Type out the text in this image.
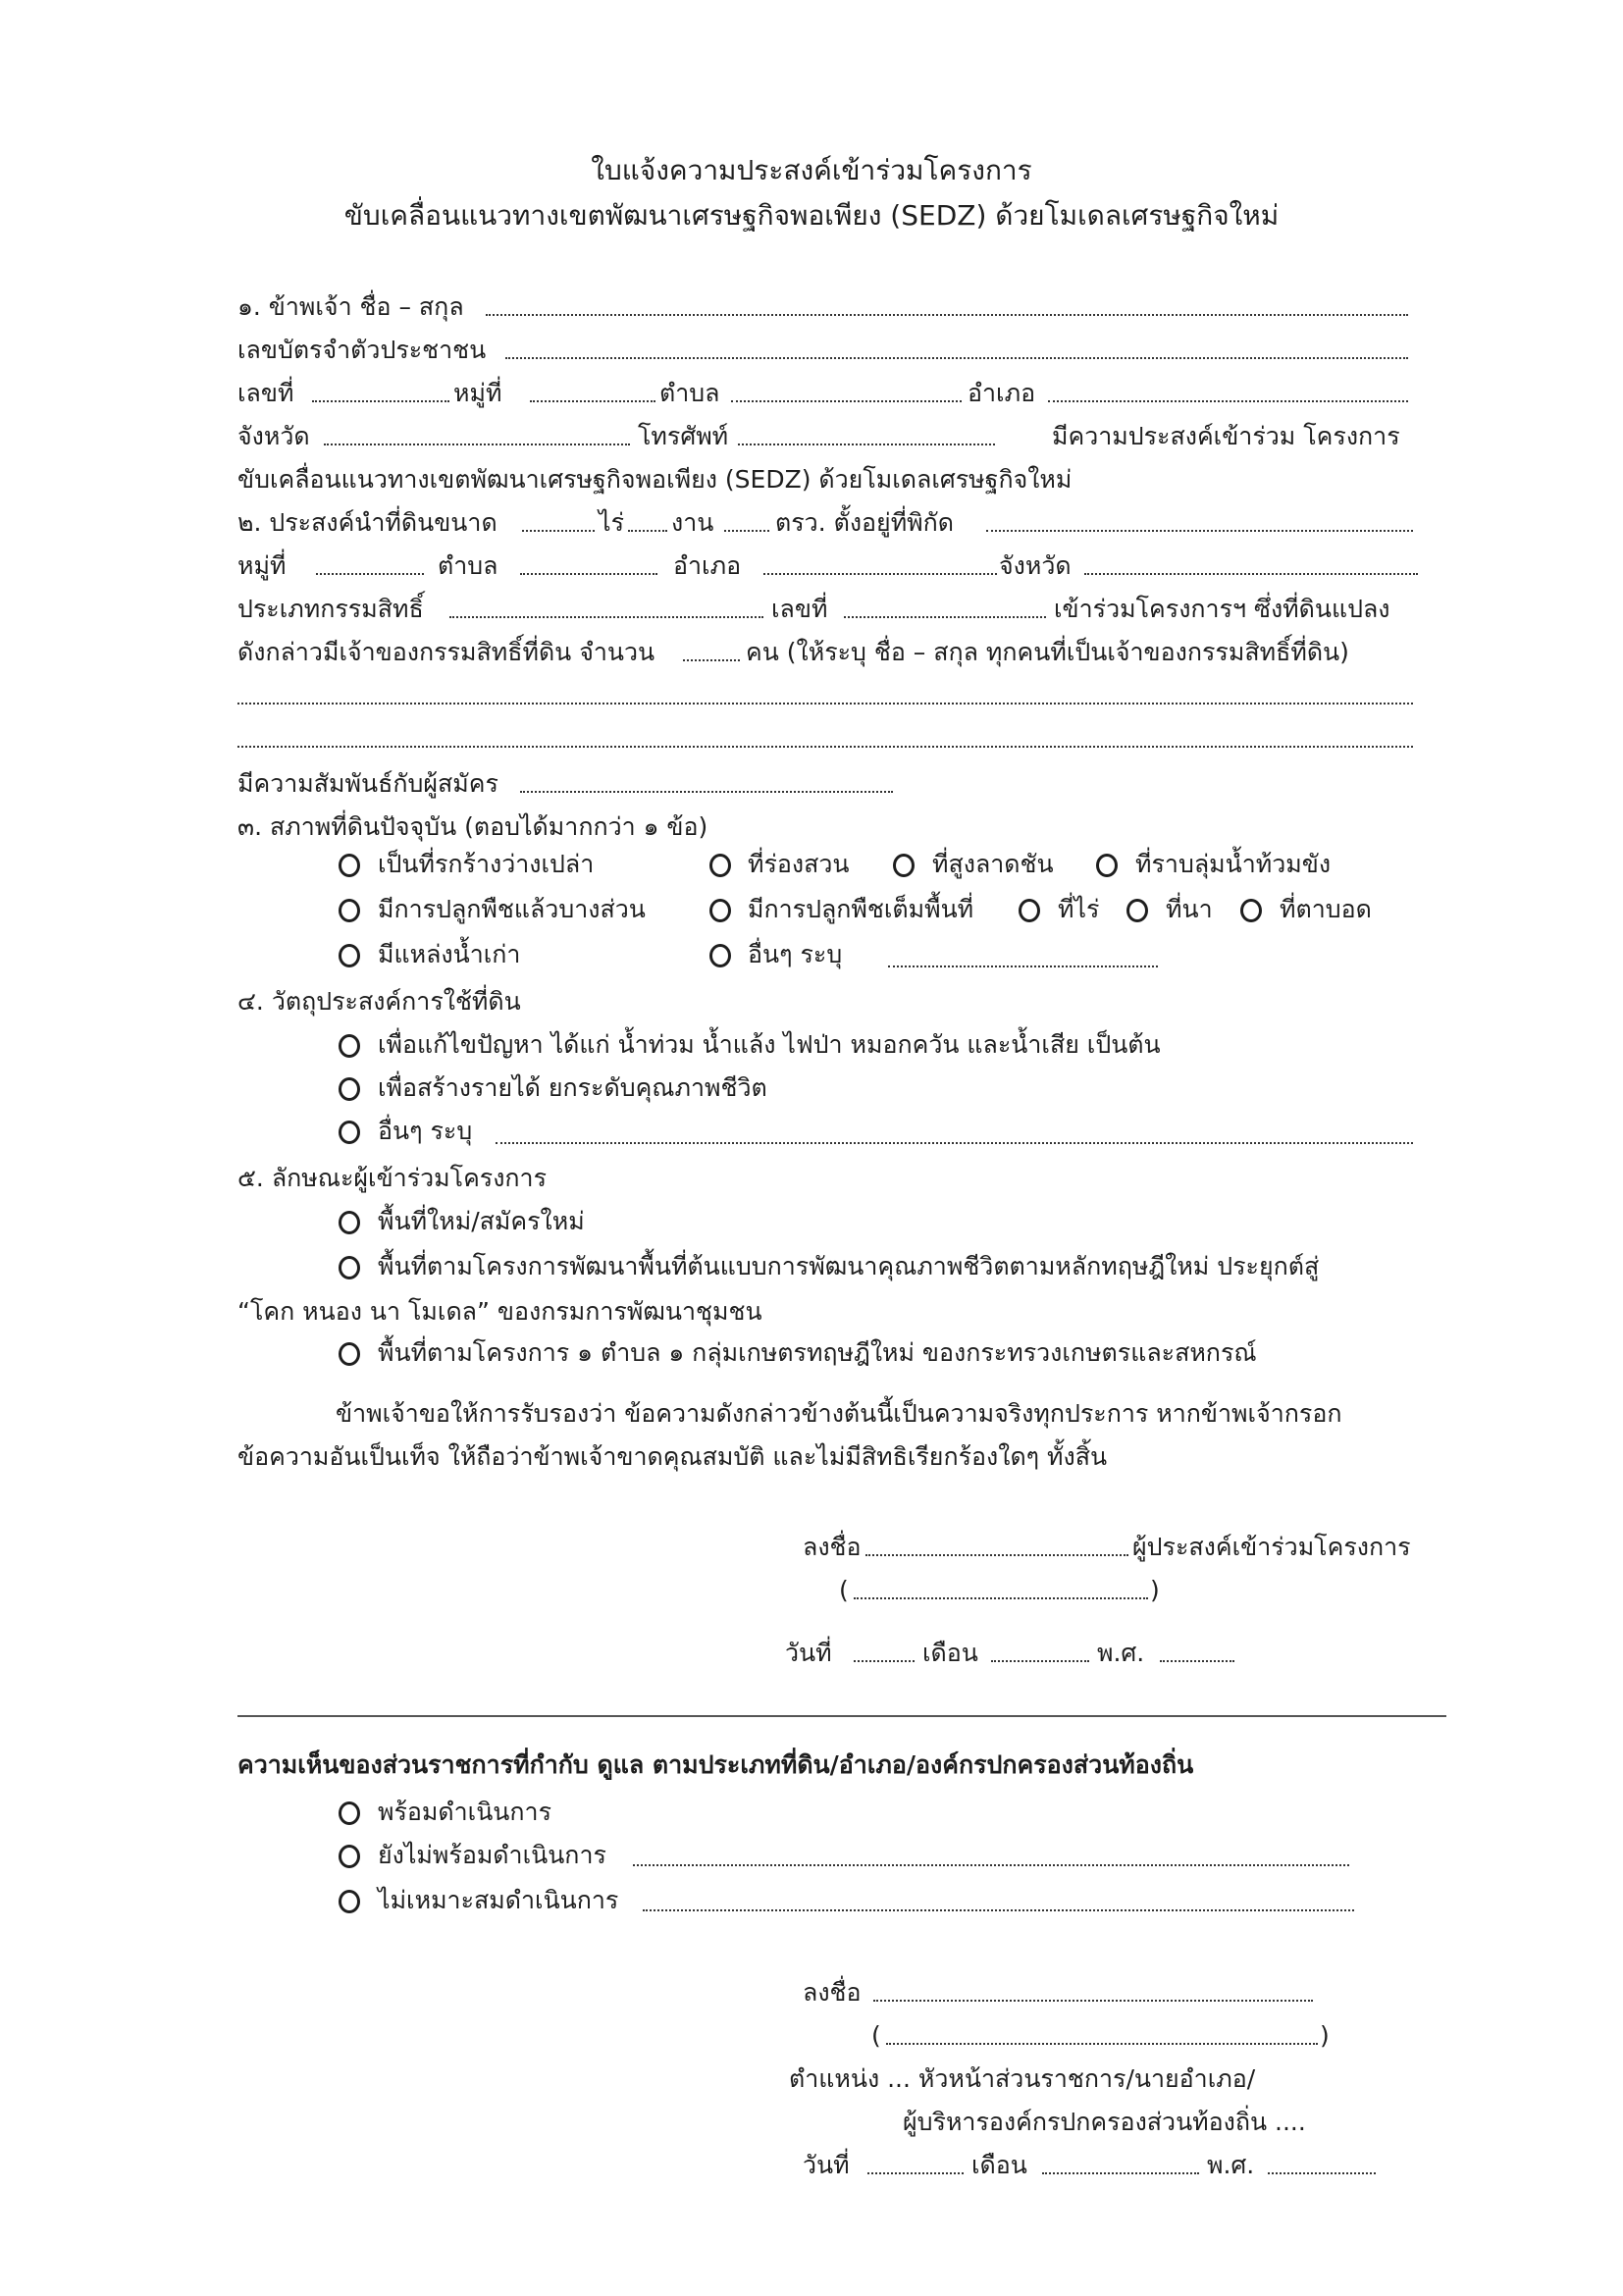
ใบแจ้งความประสงค์เข้าร่วมโครงการ
ขับเคลื่อนแนวทางเขตพัฒนาเศรษฐกิจพอเพียง (SEDZ) ด้วยโมเดลเศรษฐกิจใหม่
๑. ข้าพเจ้า ชื่อ – สกุล
เลขบัตรจำตัวประชาชน
เลขที่	หมู่ที่	ตำบล	อำเภอ
จังหวัด	โทรศัพท์	มีความประสงค์เข้าร่วม โครงการ
ขับเคลื่อนแนวทางเขตพัฒนาเศรษฐกิจพอเพียง (SEDZ) ด้วยโมเดลเศรษฐกิจใหม่
๒. ประสงค์นำที่ดินขนาด	ไร่ งาน	ตรว. ตั้งอยู่ที่พิกัด
หมู่ที่	ตำบล	อำเภอ	จังหวัด
ประเภทกรรมสิทธิ์	เลขที่	เข้าร่วมโครงการฯ ซึ่งที่ดินแปลง
ดังกล่าวมีเจ้าของกรรมสิทธิ์ที่ดิน จำนวน	คน (ให้ระบุ ชื่อ – สกุล ทุกคนที่เป็นเจ้าของกรรมสิทธิ์ที่ดิน)
มีความสัมพันธ์กับผู้สมัคร
๓. สภาพที่ดินปัจจุบัน (ตอบได้มากกว่า ๑ ข้อ)
เป็นที่รกร้างว่างเปล่า	ที่ร่องสวน	ที่สูงลาดชัน	ที่ราบลุ่มน้ำท้วมขัง
มีการปลูกพืชแล้วบางส่วน	มีการปลูกพืชเต็มพื้นที่	ที่ไร่	ที่นา	ที่ตาบอด
มีแหล่งน้ำเก่า	อื่นๆ ระบุ
๔. วัตถุประสงค์การใช้ที่ดิน
เพื่อแก้ไขปัญหา ได้แก่ น้ำท่วม น้ำแล้ง ไฟป่า หมอกควัน และน้ำเสีย เป็นต้น
เพื่อสร้างรายได้ ยกระดับคุณภาพชีวิต
อื่นๆ ระบุ
๕. ลักษณะผู้เข้าร่วมโครงการ
พื้นที่ใหม่/สมัครใหม่
พื้นที่ตามโครงการพัฒนาพื้นที่ต้นแบบการพัฒนาคุณภาพชีวิตตามหลักทฤษฎีใหม่ ประยุกต์สู่
“โคก หนอง นา โมเดล” ของกรมการพัฒนาชุมชน
พื้นที่ตามโครงการ ๑ ตำบล ๑ กลุ่มเกษตรทฤษฎีใหม่ ของกระทรวงเกษตรและสหกรณ์
ข้าพเจ้าขอให้การรับรองว่า ข้อความดังกล่าวข้างต้นนี้เป็นความจริงทุกประการ หากข้าพเจ้ากรอก
ข้อความอันเป็นเท็จ ให้ถือว่าข้าพเจ้าขาดคุณสมบัติ และไม่มีสิทธิเรียกร้องใดๆ ทั้งสิ้น
ลงชื่อ	ผู้ประสงค์เข้าร่วมโครงการ
(	)
วันที่	เดือน	พ.ศ.
ความเห็นของส่วนราชการที่กำกับ ดูแล ตามประเภทที่ดิน/อำเภอ/องค์กรปกครองส่วนท้องถิ่น
พร้อมดำเนินการ
ยังไม่พร้อมดำเนินการ
ไม่เหมาะสมดำเนินการ
ลงชื่อ
(	)
ตำแหน่ง ... หัวหน้าส่วนราชการ/นายอำเภอ/
ผู้บริหารองค์กรปกครองส่วนท้องถิ่น ....
วันที่	เดือน	พ.ศ.
